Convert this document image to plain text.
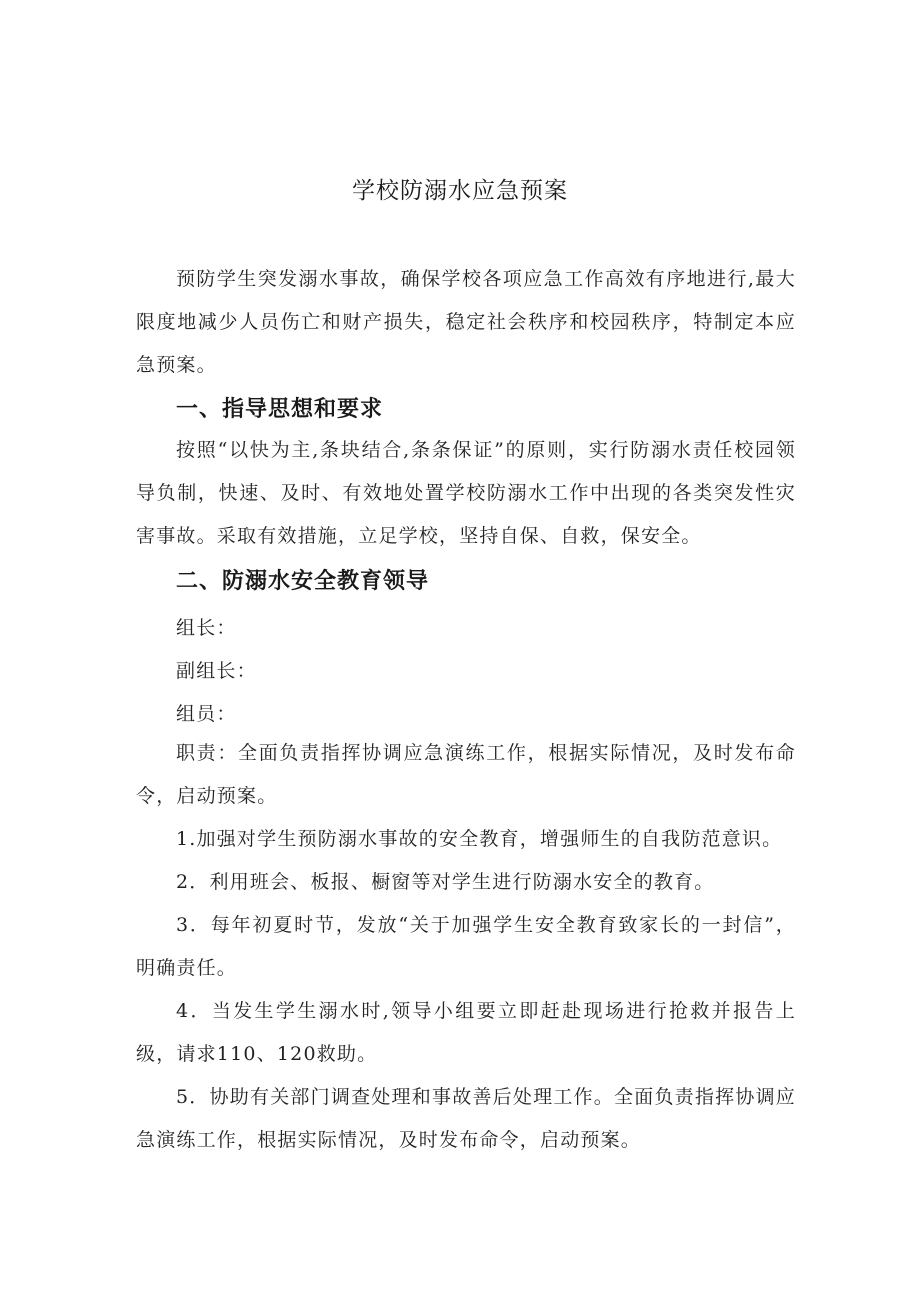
学校防溺水应急预案

预防学生突发溺水事故，确保学校各项应急工作高效有序地进行,最大限度地减少人员伤亡和财产损失，稳定社会秩序和校园秩序，特制定本应急预案。

一、指导思想和要求

按照“以快为主,条块结合,条条保证”的原则，实行防溺水责任校园领导负制，快速、及时、有效地处置学校防溺水工作中出现的各类突发性灾害事故。采取有效措施，立足学校，坚持自保、自救，保安全。

二、防溺水安全教育领导
组长：
副组长：
组员：

职责：全面负责指挥协调应急演练工作，根据实际情况，及时发布命令，启动预案。

1.加强对学生预防溺水事故的安全教育，增强师生的自我防范意识。

2．利用班会、板报、橱窗等对学生进行防溺水安全的教育。

3．每年初夏时节，发放“关于加强学生安全教育致家长的一封信”，明确责任。

4．当发生学生溺水时,领导小组要立即赶赴现场进行抢救并报告上级，请求110、120救助。

5．协助有关部门调查处理和事故善后处理工作。全面负责指挥协调应急演练工作，根据实际情况，及时发布命令，启动预案。
